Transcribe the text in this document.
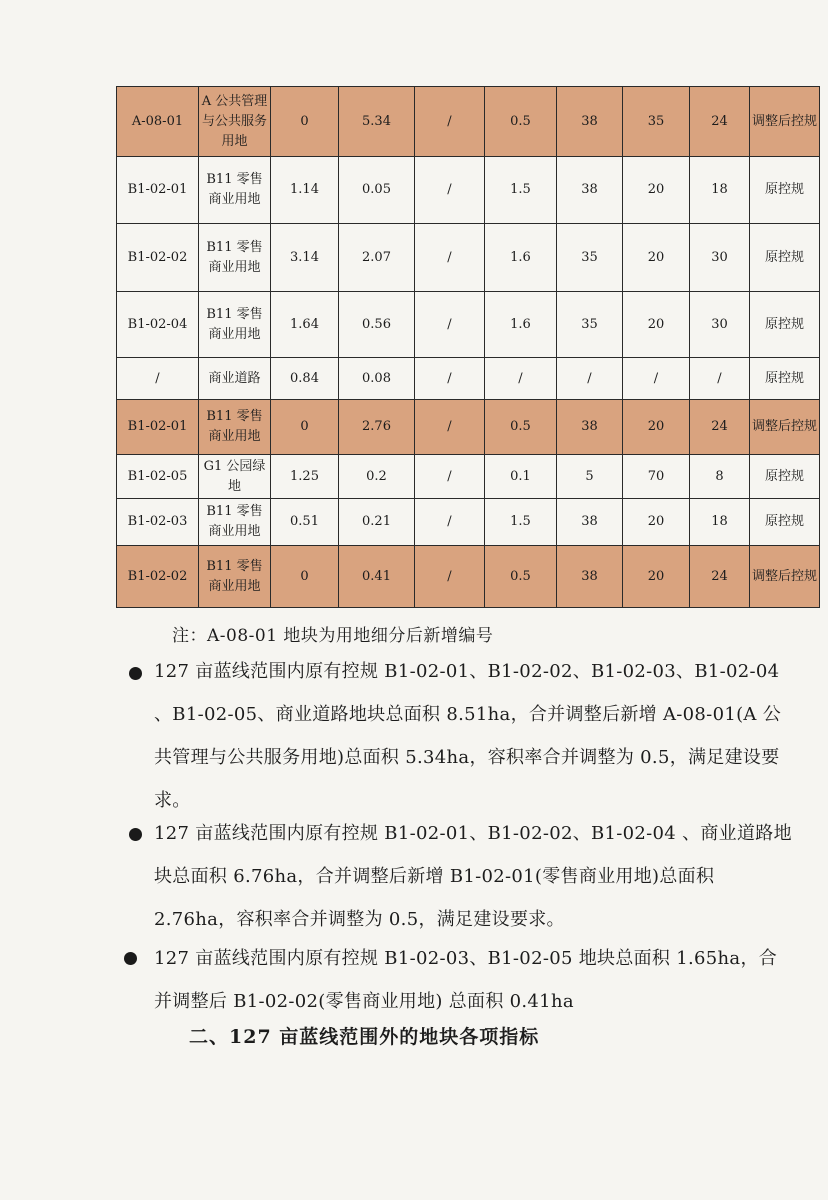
A-08-01	A 公共管理与公共服务用地	0	5.34	/	0.5	38	35	24	调整后控规
B1-02-01	B11 零售商业用地	1.14	0.05	/	1.5	38	20	18	原控规
B1-02-02	B11 零售商业用地	3.14	2.07	/	1.6	35	20	30	原控规
B1-02-04	B11 零售商业用地	1.64	0.56	/	1.6	35	20	30	原控规
/	商业道路	0.84	0.08	/	/	/	/	/	原控规
B1-02-01	B11 零售商业用地	0	2.76	/	0.5	38	20	24	调整后控规
B1-02-05	G1 公园绿地	1.25	0.2	/	0.1	5	70	8	原控规
B1-02-03	B11 零售商业用地	0.51	0.21	/	1.5	38	20	18	原控规
B1-02-02	B11 零售商业用地	0	0.41	/	0.5	38	20	24	调整后控规
注：A-08-01 地块为用地细分后新增编号
127 亩蓝线范围内原有控规 B1-02-01、B1-02-02、B1-02-03、B1-02-04 、B1-02-05、商业道路地块总面积 8.51ha，合并调整后新增 A-08-01(A 公共管理与公共服务用地)总面积 5.34ha，容积率合并调整为 0.5，满足建设要求。
127 亩蓝线范围内原有控规 B1-02-01、B1-02-02、B1-02-04 、商业道路地块总面积 6.76ha，合并调整后新增 B1-02-01(零售商业用地)总面积 2.76ha，容积率合并调整为 0.5，满足建设要求。
127 亩蓝线范围内原有控规 B1-02-03、B1-02-05 地块总面积 1.65ha，合并调整后 B1-02-02(零售商业用地) 总面积 0.41ha
二、127 亩蓝线范围外的地块各项指标
